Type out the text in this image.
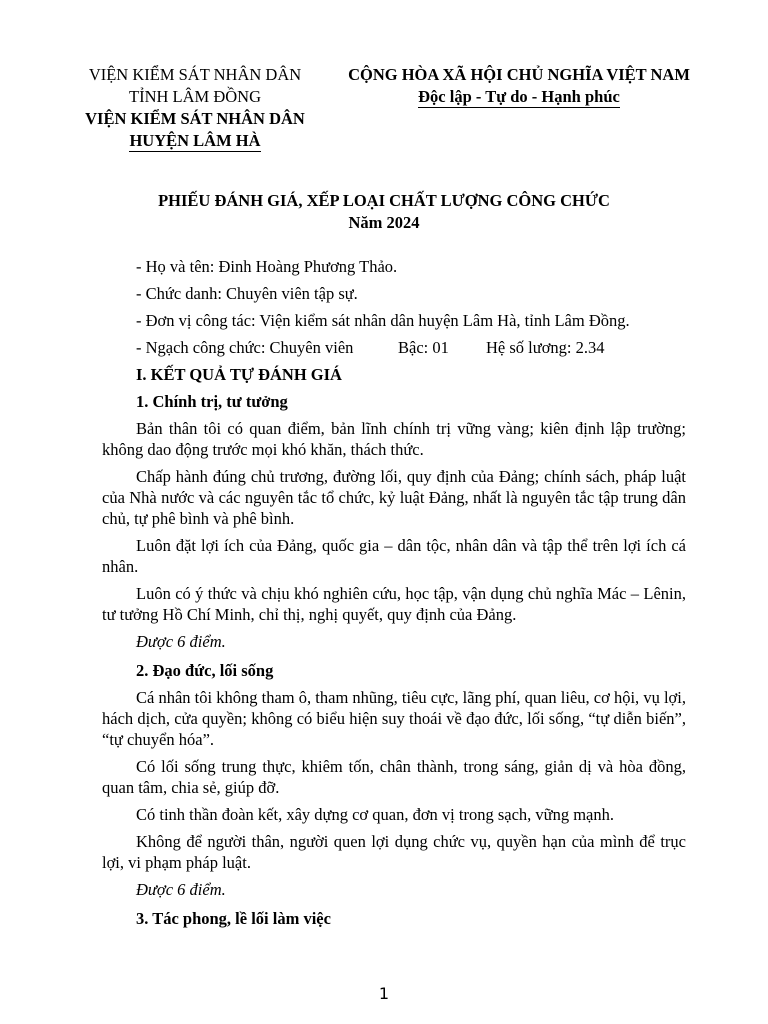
VIỆN KIỂM SÁT NHÂN DÂN
TỈNH LÂM ĐỒNG
VIỆN KIỂM SÁT NHÂN DÂN
HUYỆN LÂM HÀ
CỘNG HÒA XÃ HỘI CHỦ NGHĨA VIỆT NAM
Độc lập - Tự do - Hạnh phúc
PHIẾU ĐÁNH GIÁ, XẾP LOẠI CHẤT LƯỢNG CÔNG CHỨC
Năm 2024
- Họ và tên: Đinh Hoàng Phương Thảo.
- Chức danh: Chuyên viên tập sự.
- Đơn vị công tác: Viện kiểm sát nhân dân huyện Lâm Hà, tỉnh Lâm Đồng.
- Ngạch công chức: Chuyên viên	Bậc: 01 Hệ số lương: 2.34
I. KẾT QUẢ TỰ ĐÁNH GIÁ
1. Chính trị, tư tưởng
Bản thân tôi có quan điểm, bản lĩnh chính trị vững vàng; kiên định lập trường; không dao động trước mọi khó khăn, thách thức.
Chấp hành đúng chủ trương, đường lối, quy định của Đảng; chính sách, pháp luật của Nhà nước và các nguyên tắc tổ chức, kỷ luật Đảng, nhất là nguyên tắc tập trung dân chủ, tự phê bình và phê bình.
Luôn đặt lợi ích của Đảng, quốc gia – dân tộc, nhân dân và tập thể trên lợi ích cá nhân.
Luôn có ý thức và chịu khó nghiên cứu, học tập, vận dụng chủ nghĩa Mác – Lênin, tư tưởng Hồ Chí Minh, chỉ thị, nghị quyết, quy định của Đảng.
Được 6 điểm.
2. Đạo đức, lối sống
Cá nhân tôi không tham ô, tham nhũng, tiêu cực, lãng phí, quan liêu, cơ hội, vụ lợi, hách dịch, cửa quyền; không có biểu hiện suy thoái về đạo đức, lối sống, “tự diễn biến”, “tự chuyển hóa”.
Có lối sống trung thực, khiêm tốn, chân thành, trong sáng, giản dị và hòa đồng, quan tâm, chia sẻ, giúp đỡ.
Có tinh thần đoàn kết, xây dựng cơ quan, đơn vị trong sạch, vững mạnh.
Không để người thân, người quen lợi dụng chức vụ, quyền hạn của mình để trục lợi, vi phạm pháp luật.
Được 6 điểm.
3. Tác phong, lề lối làm việc
1
